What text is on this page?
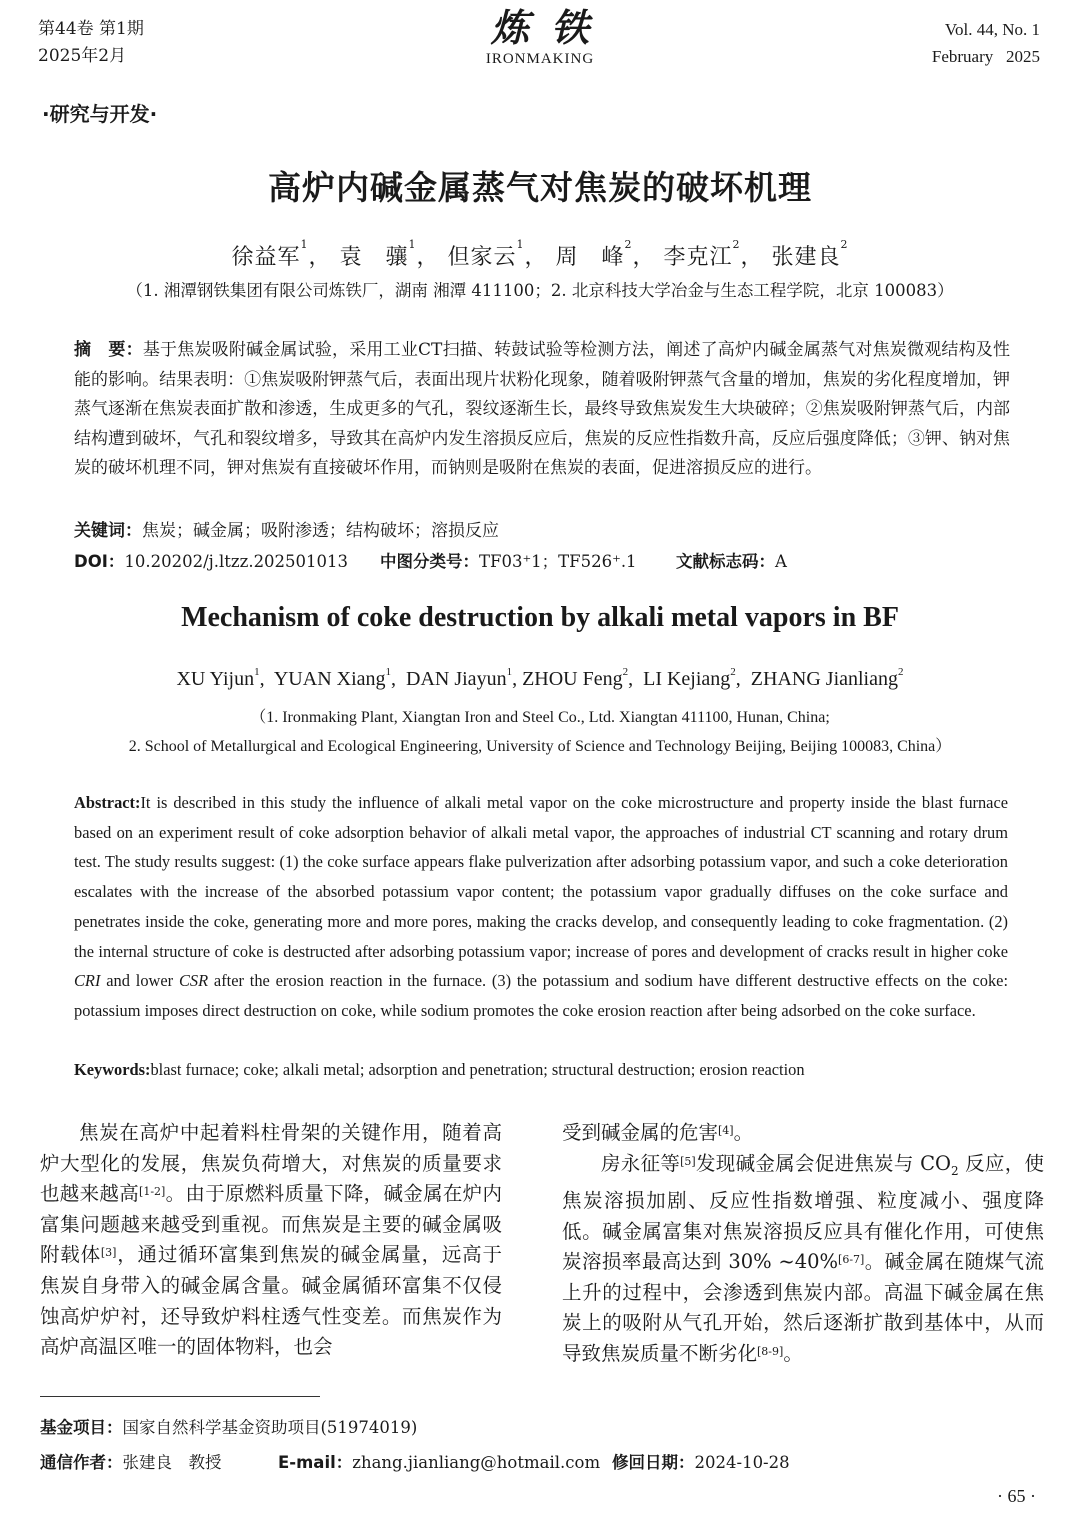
第44卷 第1期
2025年2月
炼铁
IRONMAKING
Vol. 44, No. 1
February   2025
·研究与开发·
高炉内碱金属蒸气对焦炭的破坏机理
徐益军$^1$， 袁　骧$^1$， 但家云$^1$， 周　峰$^2$， 李克江$^2$， 张建良$^2$
（1. 湘潭钢铁集团有限公司炼铁厂，湖南 湘潭 411100；2. 北京科技大学冶金与生态工程学院，北京 100083）
摘　要：基于焦炭吸附碱金属试验，采用工业CT扫描、转鼓试验等检测方法，阐述了高炉内碱金属蒸气对焦炭微观结构及性能的影响。结果表明：①焦炭吸附钾蒸气后，表面出现片状粉化现象，随着吸附钾蒸气含量的增加，焦炭的劣化程度增加，钾蒸气逐渐在焦炭表面扩散和渗透，生成更多的气孔，裂纹逐渐生长，最终导致焦炭发生大块破碎；②焦炭吸附钾蒸气后，内部结构遭到破坏，气孔和裂纹增多，导致其在高炉内发生溶损反应后，焦炭的反应性指数升高，反应后强度降低；③钾、钠对焦炭的破坏机理不同，钾对焦炭有直接破坏作用，而钠则是吸附在焦炭的表面，促进溶损反应的进行。
关键词：焦炭；碱金属；吸附渗透；结构破坏；溶损反应
DOI：10.20202/j.ltzz.202501013 中图分类号：TF03⁺1；TF526⁺.1 文献标志码：A
Mechanism of coke destruction by alkali metal vapors in BF
XU Yijun$^1$,  YUAN Xiang$^1$,  DAN Jiayun$^1$, ZHOU Feng$^2$,  LI Kejiang$^2$,  ZHANG Jianliang$^2$
（1. Ironmaking Plant, Xiangtan Iron and Steel Co., Ltd. Xiangtan 411100, Hunan, China;
2. School of Metallurgical and Ecological Engineering, University of Science and Technology Beijing, Beijing 100083, China）
Abstract:It is described in this study the influence of alkali metal vapor on the coke microstructure and property inside the blast furnace based on an experiment result of coke adsorption behavior of alkali metal vapor, the approaches of industrial CT scanning and rotary drum test. The study results suggest: (1) the coke surface appears flake pulverization after adsorbing potassium vapor, and such a coke deterioration escalates with the increase of the absorbed potassium vapor content; the potassium vapor gradually diffuses on the coke surface and penetrates inside the coke, generating more and more pores, making the cracks develop, and consequently leading to coke fragmentation. (2) the internal structure of coke is destructed after adsorbing potassium vapor; increase of pores and development of cracks result in higher coke CRI and lower CSR after the erosion reaction in the furnace. (3) the potassium and sodium have different destructive effects on the coke: potassium imposes direct destruction on coke, while sodium promotes the coke erosion reaction after being adsorbed on the coke surface.
Keywords:blast furnace; coke; alkali metal; adsorption and penetration; structural destruction; erosion reaction

焦炭在高炉中起着料柱骨架的关键作用，随着高炉大型化的发展，焦炭负荷增大，对焦炭的质量要求也越来越高[1-2]。由于原燃料质量下降，碱金属在炉内富集问题越来越受到重视。而焦炭是主要的碱金属吸附载体[3]，通过循环富集到焦炭的碱金属量，远高于焦炭自身带入的碱金属含量。碱金属循环富集不仅侵蚀高炉炉衬，还导致炉料柱透气性变差。而焦炭作为高炉高温区唯一的固体物料，也会

受到碱金属的危害[4]。

房永征等[5]发现碱金属会促进焦炭与 $CO_2$ 反应，使焦炭溶损加剧、反应性指数增强、粒度减小、强度降低。碱金属富集对焦炭溶损反应具有催化作用，可使焦炭溶损率最高达到 30% ~40%[6-7]。碱金属在随煤气流上升的过程中，会渗透到焦炭内部。高温下碱金属在焦炭上的吸附从气孔开始，然后逐渐扩散到基体中，从而导致焦炭质量不断劣化[8-9]。

基金项目：国家自然科学基金资助项目(51974019)
通信作者：张建良　教授	E-mail：zhang.jianliang@hotmail.com 修回日期：2024-10-28
· 65 ·
